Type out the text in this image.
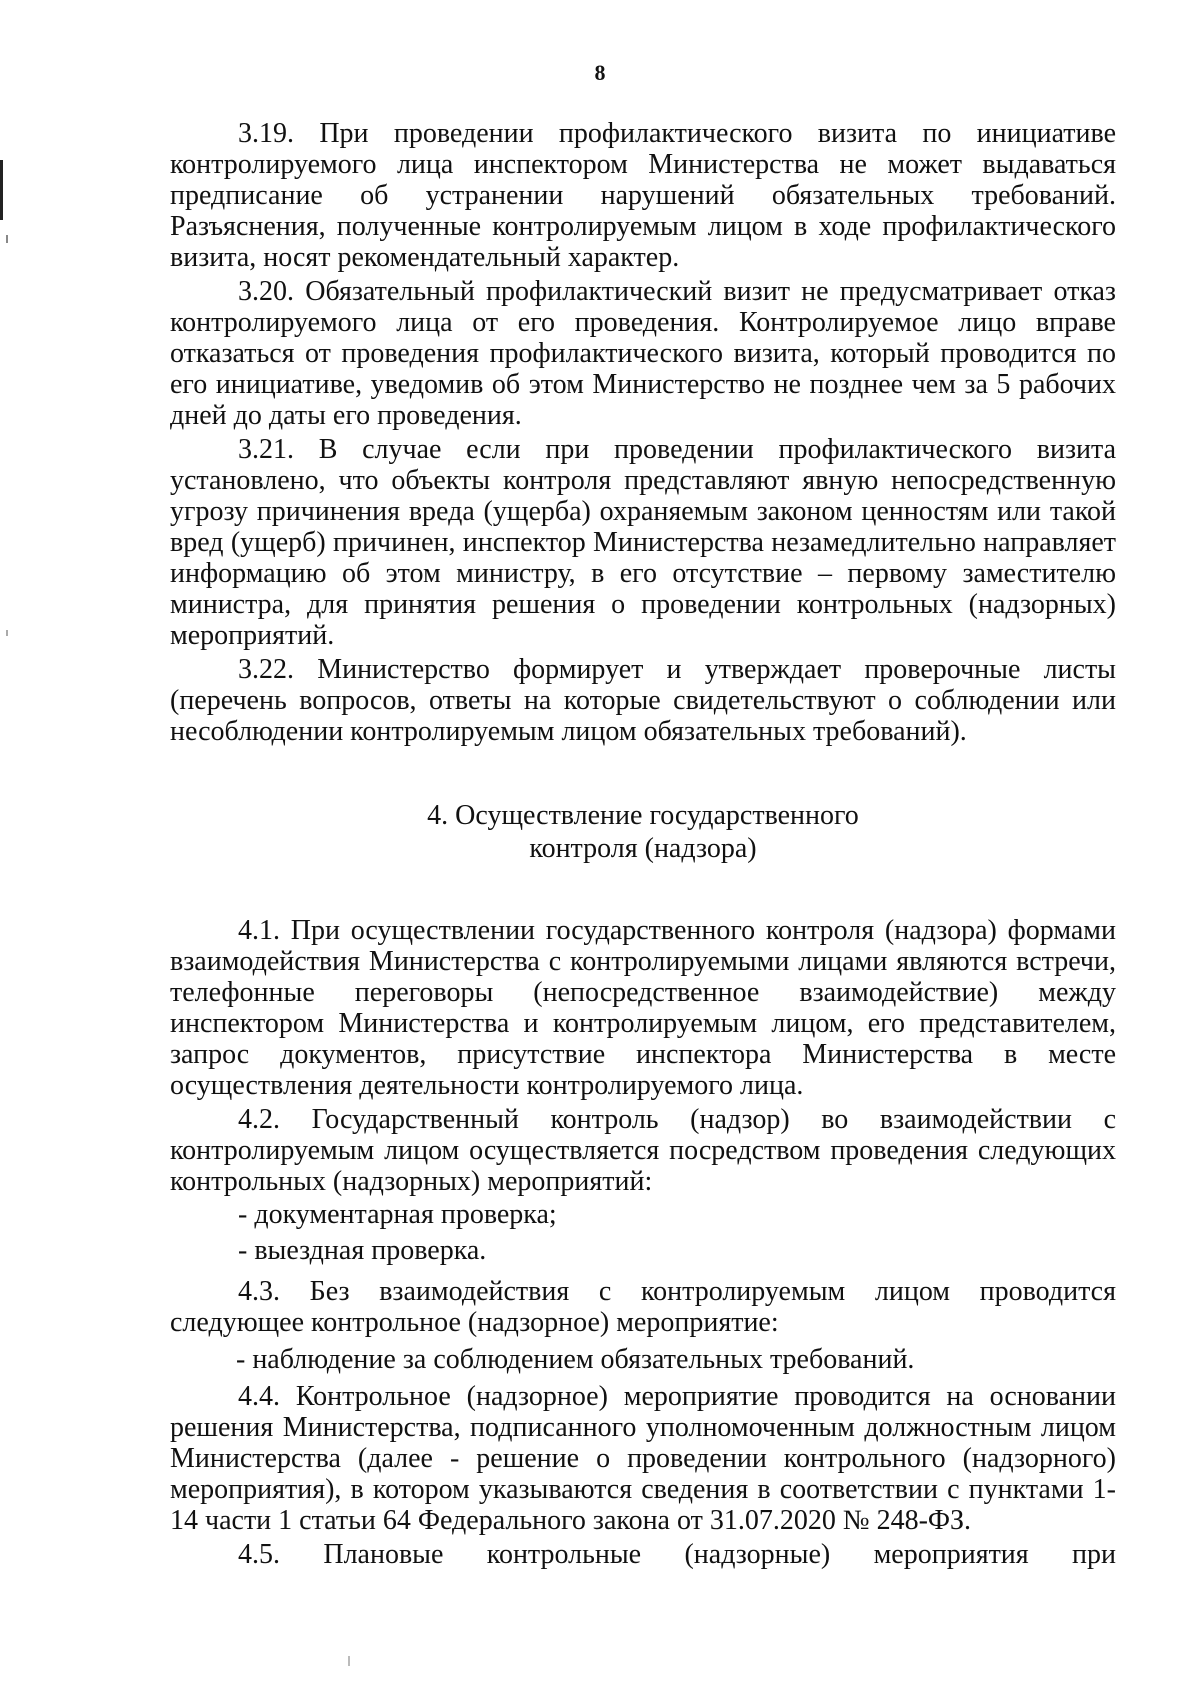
8

3.19. При проведении профилактического визита по инициативе контролируемого лица инспектором Министерства не может выдаваться предписание об устранении нарушений обязательных требований. Разъяснения, полученные контролируемым лицом в ходе профилактического визита, носят рекомендательный характер.

3.20. Обязательный профилактический визит не предусматривает отказ контролируемого лица от его проведения. Контролируемое лицо вправе отказаться от проведения профилактического визита, который проводится по его инициативе, уведомив об этом Министерство не позднее чем за 5 рабочих дней до даты его проведения.

3.21. В случае если при проведении профилактического визита установлено, что объекты контроля представляют явную непосредственную угрозу причинения вреда (ущерба) охраняемым законом ценностям или такой вред (ущерб) причинен, инспектор Министерства незамедлительно направляет информацию об этом министру, в его отсутствие – первому заместителю министра, для принятия решения о проведении контрольных (надзорных) мероприятий.

3.22. Министерство формирует и утверждает проверочные листы (перечень вопросов, ответы на которые свидетельствуют о соблюдении или несоблюдении контролируемым лицом обязательных требований).

4. Осуществление государственного
контроля (надзора)

4.1. При осуществлении государственного контроля (надзора) формами взаимодействия Министерства с контролируемыми лицами являются встречи, телефонные переговоры (непосредственное взаимодействие) между инспектором Министерства и контролируемым лицом, его представителем, запрос документов, присутствие инспектора Министерства в месте осуществления деятельности контролируемого лица.

4.2. Государственный контроль (надзор) во взаимодействии с контролируемым лицом осуществляется посредством проведения следующих контрольных (надзорных) мероприятий:

- документарная проверка;

- выездная проверка.

4.3. Без взаимодействия с контролируемым лицом проводится следующее контрольное (надзорное) мероприятие:

- наблюдение за соблюдением обязательных требований.

4.4. Контрольное (надзорное) мероприятие проводится на основании решения Министерства, подписанного уполномоченным должностным лицом Министерства (далее - решение о проведении контрольного (надзорного) мероприятия), в котором указываются сведения в соответствии с пунктами 1-14 части 1 статьи 64 Федерального закона от 31.07.2020 № 248-ФЗ.

4.5. Плановые контрольные (надзорные) мероприятия при
